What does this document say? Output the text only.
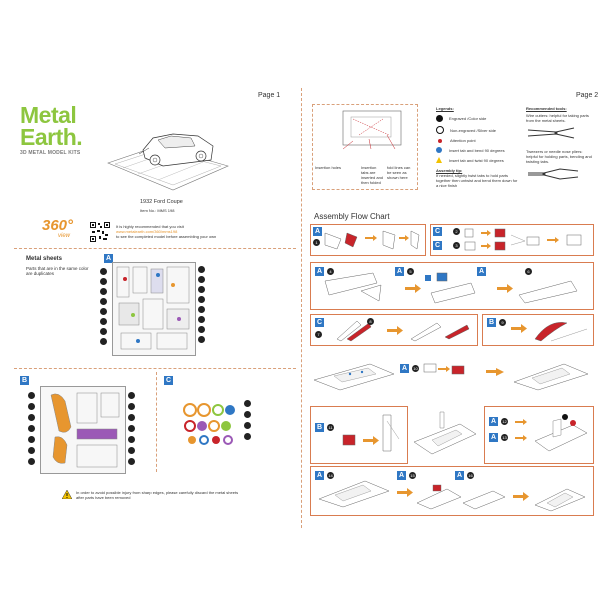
Page 1	Page 2
Metal
Earth.
3D METAL MODEL KITS
1932 Ford Coupe
Item No.: MMS 198
360°
view
It is highly recommended that you visit
www.metalearth.com/360/mms198
to see the completed model before assembling your own
Metal sheets
Parts that are in the same color are duplicates
A
B	C
In order to avoid possible injury from sharp edges, please carefully discard the metal sheets after parts have been removed
Insertion holes	Insertion tabs are inserted and then folded
fold lines can be seen as shown here
Legends:
Engraved /Color side
Non-engraved /Silver side
Attention point
Insert tab and bend 90 degrees
Insert tab and twist 90 degrees
Assembly tip:
If needed, slightly twist tabs to hold parts together then untwist and bend them down for a nice finish
Recommended tools:
Wire cutters: helpful for taking parts from the metal sheets.
Tweezers or needle nose pliers: helpful for holding parts, bending and twisting tabs.
Assembly Flow Chart
A
1
C	2
C	3
A	4	A	5	A	6
C
7
8	B	9
A	10
B	11
A	12
A	13
A	14	A	15	A	16
